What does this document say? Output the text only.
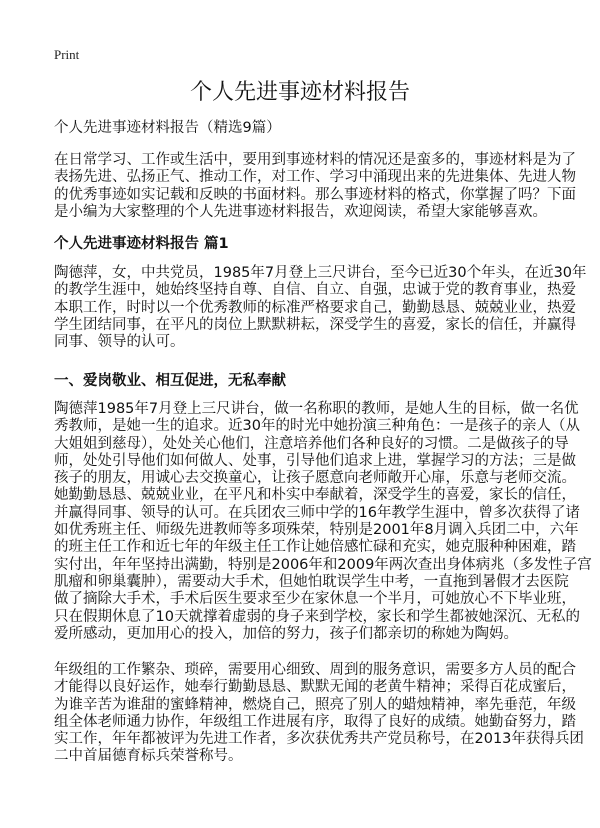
Print
个人先进事迹材料报告
个人先进事迹材料报告（精选9篇）
在日常学习、工作或生活中，要用到事迹材料的情况还是蛮多的，事迹材料是为了
表扬先进、弘扬正气、推动工作，对工作、学习中涌现出来的先进集体、先进人物
的优秀事迹如实记载和反映的书面材料。那么事迹材料的格式，你掌握了吗？下面
是小编为大家整理的个人先进事迹材料报告，欢迎阅读，希望大家能够喜欢。
个人先进事迹材料报告 篇1
陶德萍，女，中共党员，1985年7月登上三尺讲台，至今已近30个年头，在近30年
的教学生涯中，她始终坚持自尊、自信、自立、自强，忠诚于党的教育事业，热爱
本职工作，时时以一个优秀教师的标准严格要求自己，勤勤恳恳、兢兢业业，热爱
学生团结同事，在平凡的岗位上默默耕耘，深受学生的喜爱，家长的信任，并赢得
同事、领导的认可。
一、爱岗敬业、相互促进，无私奉献
陶德萍1985年7月登上三尺讲台，做一名称职的教师，是她人生的目标，做一名优
秀教师，是她一生的追求。近30年的时光中她扮演三种角色：一是孩子的亲人（从
大姐姐到慈母），处处关心他们，注意培养他们各种良好的习惯。二是做孩子的导
师，处处引导他们如何做人、处事，引导他们追求上进，掌握学习的方法；三是做
孩子的朋友，用诚心去交换童心，让孩子愿意向老师敞开心扉，乐意与老师交流。
她勤勤恳恳、兢兢业业，在平凡和朴实中奉献着，深受学生的喜爱，家长的信任，
并赢得同事、领导的认可。在兵团农三师中学的16年教学生涯中，曾多次获得了诸
如优秀班主任、师级先进教师等多项殊荣，特别是2001年8月调入兵团二中，六年
的班主任工作和近七年的年级主任工作让她倍感忙碌和充实，她克服种种困难，踏
实付出，年年坚持出满勤，特别是2006年和2009年两次查出身体病兆（多发性子宫
肌瘤和卵巢囊肿），需要动大手术，但她怕耽误学生中考，一直拖到暑假才去医院
做了摘除大手术，手术后医生要求至少在家休息一个半月，可她放心不下毕业班，
只在假期休息了10天就撑着虚弱的身子来到学校，家长和学生都被她深沉、无私的
爱所感动，更加用心的投入，加倍的努力，孩子们都亲切的称她为陶妈。
年级组的工作繁杂、琐碎，需要用心细致、周到的服务意识，需要多方人员的配合
才能得以良好运作，她奉行勤勤恳恳、默默无闻的老黄牛精神；采得百花成蜜后，
为谁辛苦为谁甜的蜜蜂精神，燃烧自己，照亮了别人的蜡烛精神，率先垂范，年级
组全体老师通力协作，年级组工作进展有序，取得了良好的成绩。她勤奋努力，踏
实工作，年年都被评为先进工作者，多次获优秀共产党员称号，在2013年获得兵团
二中首届德育标兵荣誉称号。
